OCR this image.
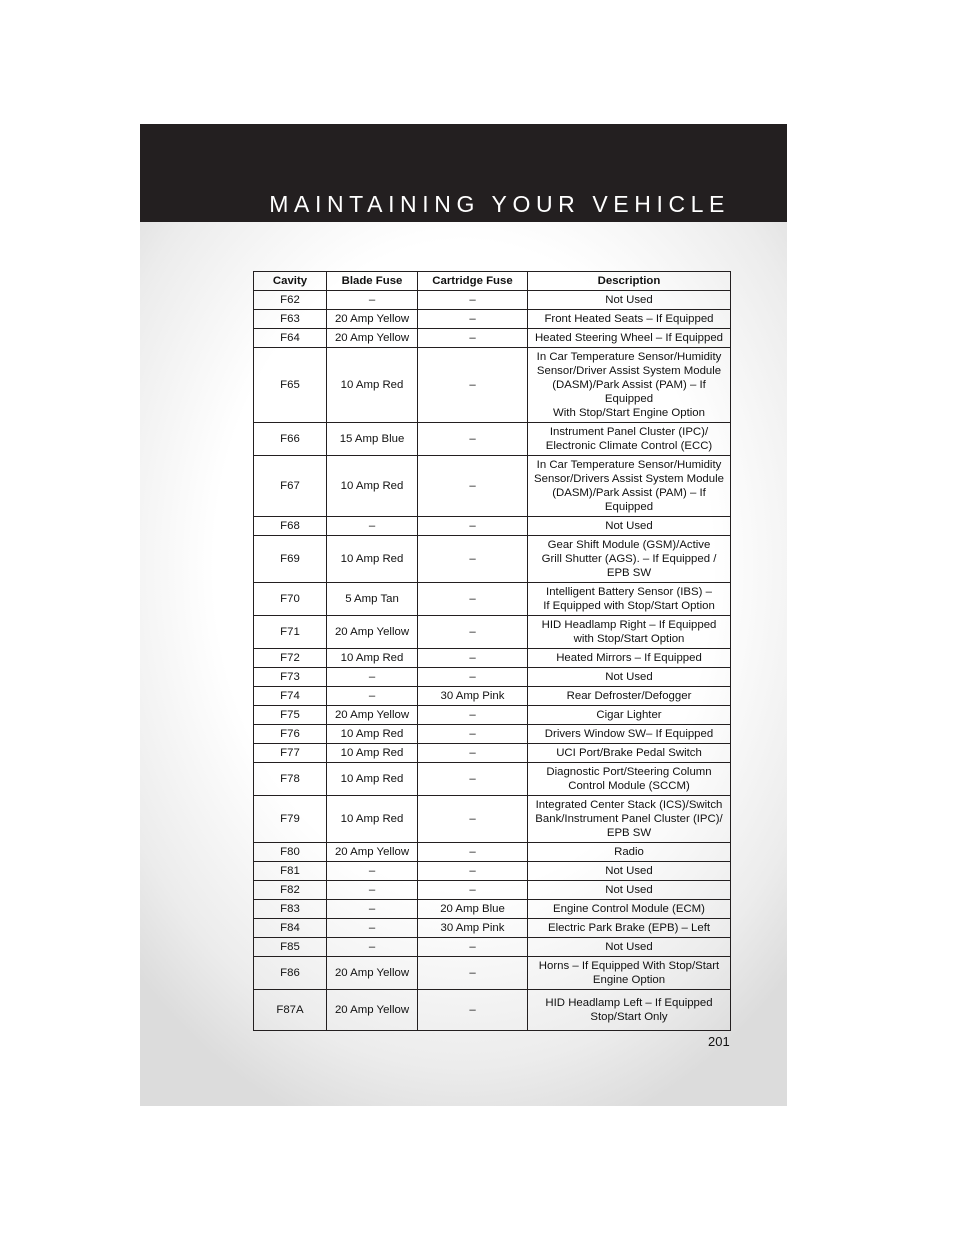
MAINTAINING YOUR VEHICLE
Cavity	Blade Fuse	Cartridge Fuse	Description
F62	–	–	Not Used

F63	20 Amp Yellow	–	Front Heated Seats – If Equipped

F64	20 Amp Yellow	–	Heated Steering Wheel – If Equipped

F65	10 Amp Red	–	In Car Temperature Sensor/Humidity
Sensor/Driver Assist System Module
(DASM)/Park Assist (PAM) – If Equipped
With Stop/Start Engine Option

F66	15 Amp Blue	–	Instrument Panel Cluster (IPC)/
Electronic Climate Control (ECC)

F67	10 Amp Red	–	In Car Temperature Sensor/Humidity
Sensor/Drivers Assist System Module
(DASM)/Park Assist (PAM) – If Equipped

F68	–	–	Not Used

F69	10 Amp Red	–	Gear Shift Module (GSM)/Active
Grill Shutter (AGS). – If Equipped /
EPB SW

F70	5 Amp Tan	–	Intelligent Battery Sensor (IBS) –
If Equipped with Stop/Start Option

F71	20 Amp Yellow	–	HID Headlamp Right – If Equipped
with Stop/Start Option

F72	10 Amp Red	–	Heated Mirrors – If Equipped

F73	–	–	Not Used

F74	–	30 Amp Pink	Rear Defroster/Defogger

F75	20 Amp Yellow	–	Cigar Lighter

F76	10 Amp Red	–	Drivers Window SW– If Equipped

F77	10 Amp Red	–	UCI Port/Brake Pedal Switch

F78	10 Amp Red	–	Diagnostic Port/Steering Column
Control Module (SCCM)

F79	10 Amp Red	–	Integrated Center Stack (ICS)/Switch
Bank/Instrument Panel Cluster (IPC)/
EPB SW

F80	20 Amp Yellow	–	Radio

F81	–	–	Not Used

F82	–	–	Not Used

F83	–	20 Amp Blue	Engine Control Module (ECM)

F84	–	30 Amp Pink	Electric Park Brake (EPB) – Left

F85	–	–	Not Used

F86	20 Amp Yellow	–	Horns – If Equipped With Stop/Start
Engine Option

F87A	20 Amp Yellow	–	HID Headlamp Left – If Equipped
Stop/Start Only
201
